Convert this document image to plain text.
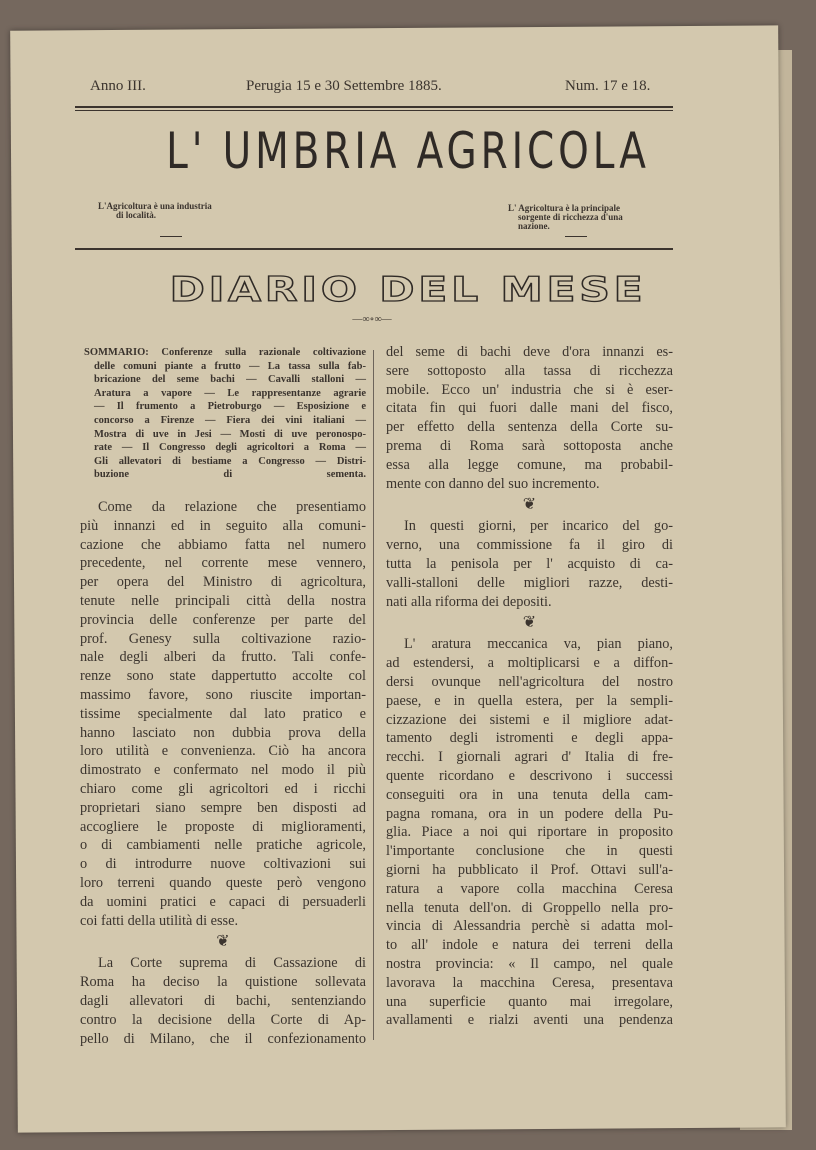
Anno III.	Perugia 15 e 30 Settembre 1885.	Num. 17 e 18.
L' UMBRIA AGRICOLA
L'Agricoltura è una industria
di località.
L' Agricoltura è la principale
sorgente di ricchezza d'una
nazione.
DIARIO DEL MESE
—∞∘∞—
SOMMARIO: Conferenze sulla razionale coltivazione
delle comuni piante a frutto — La tassa sulla fab-
bricazione del seme bachi — Cavalli stalloni —
Aratura a vapore — Le rappresentanze agrarie
— Il frumento a Pietroburgo — Esposizione e
concorso a Firenze — Fiera dei vini italiani —
Mostra di uve in Jesi — Mosti di uve peronospo-
rate — Il Congresso degli agricoltori a Roma —
Gli allevatori di bestiame a Congresso — Distri-
buzione di sementa.
Come da relazione che presentiamo
più innanzi ed in seguito alla comuni-
cazione che abbiamo fatta nel numero
precedente, nel corrente mese vennero,
per opera del Ministro di agricoltura,
tenute nelle principali città della nostra
provincia delle conferenze per parte del
prof. Genesy sulla coltivazione razio-
nale degli alberi da frutto. Tali confe-
renze sono state dappertutto accolte col
massimo favore, sono riuscite importan-
tissime specialmente dal lato pratico e
hanno lasciato non dubbia prova della
loro utilità e convenienza. Ciò ha ancora
dimostrato e confermato nel modo il più
chiaro come gli agricoltori ed i ricchi
proprietari siano sempre ben disposti ad
accogliere le proposte di miglioramenti,
o di cambiamenti nelle pratiche agricole,
o di introdurre nuove coltivazioni sui
loro terreni quando queste però vengono
da uomini pratici e capaci di persuaderli
coi fatti della utilità di esse.
❦
La Corte suprema di Cassazione di
Roma ha deciso la quistione sollevata
dagli allevatori di bachi, sentenziando
contro la decisione della Corte di Ap-
pello di Milano, che il confezionamento
del seme di bachi deve d'ora innanzi es-
sere sottoposto alla tassa di ricchezza
mobile. Ecco un' industria che si è eser-
citata fin qui fuori dalle mani del fisco,
per effetto della sentenza della Corte su-
prema di Roma sarà sottoposta anche
essa alla legge comune, ma probabil-
mente con danno del suo incremento.
❦
In questi giorni, per incarico del go-
verno, una commissione fa il giro di
tutta la penisola per l' acquisto di ca-
valli-stalloni delle migliori razze, desti-
nati alla riforma dei depositi.
❦
L' aratura meccanica va, pian piano,
ad estendersi, a moltiplicarsi e a diffon-
dersi ovunque nell'agricoltura del nostro
paese, e in quella estera, per la sempli-
cizzazione dei sistemi e il migliore adat-
tamento degli istromenti e degli appa-
recchi. I giornali agrari d' Italia di fre-
quente ricordano e descrivono i successi
conseguiti ora in una tenuta della cam-
pagna romana, ora in un podere della Pu-
glia. Piace a noi qui riportare in proposito
l'importante conclusione che in questi
giorni ha pubblicato il Prof. Ottavi sull'a-
ratura a vapore colla macchina Ceresa
nella tenuta dell'on. di Groppello nella pro-
vincia di Alessandria perchè si adatta mol-
to all' indole e natura dei terreni della
nostra provincia: « Il campo, nel quale
lavorava la macchina Ceresa, presentava
una superficie quanto mai irregolare,
avallamenti e rialzi aventi una pendenza
